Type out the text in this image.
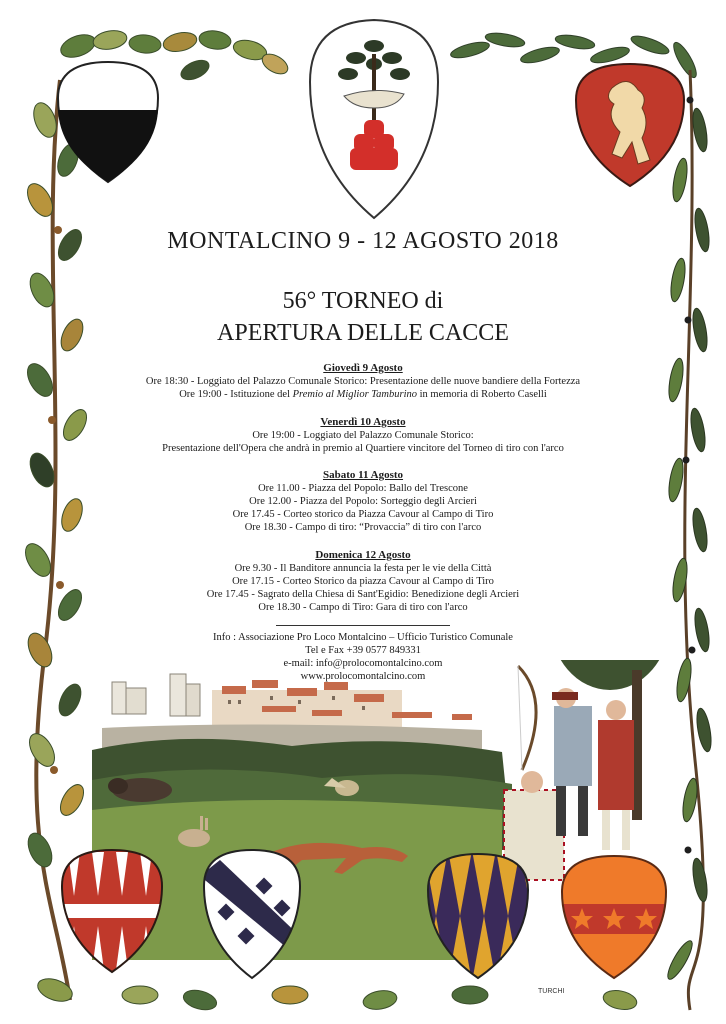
MONTALCINO 9 - 12 AGOSTO 2018
56° TORNEO di
APERTURA DELLE CACCE
Giovedì 9 Agosto
Ore 18:30 - Loggiato del Palazzo Comunale Storico: Presentazione delle nuove bandiere della Fortezza
Ore 19:00 - Istituzione del Premio al Miglior Tamburino in memoria di Roberto Caselli
Venerdì 10 Agosto
Ore 19:00 - Loggiato del Palazzo Comunale Storico:
Presentazione dell'Opera che andrà in premio al Quartiere vincitore del Torneo di tiro con l'arco
Sabato 11 Agosto
Ore 11.00 - Piazza del Popolo: Ballo del Trescone
Ore 12.00 - Piazza del Popolo: Sorteggio degli Arcieri
Ore 17.45 - Corteo storico da Piazza Cavour al Campo di Tiro
Ore 18.30 - Campo di tiro: “Provaccia” di tiro con l'arco
Domenica 12 Agosto
Ore 9.30 - Il Banditore annuncia la festa per le vie della Città
Ore 17.15 - Corteo Storico da piazza Cavour al Campo di Tiro
Ore 17.45 - Sagrato della Chiesa di Sant'Egidio: Benedizione degli Arcieri
Ore 18.30 - Campo di Tiro: Gara di tiro con l'arco
Info : Associazione Pro Loco Montalcino – Ufficio Turistico Comunale
Tel e Fax +39 0577 849331
e-mail: info@prolocomontalcino.com
www.prolocomontalcino.com
TURCHI
